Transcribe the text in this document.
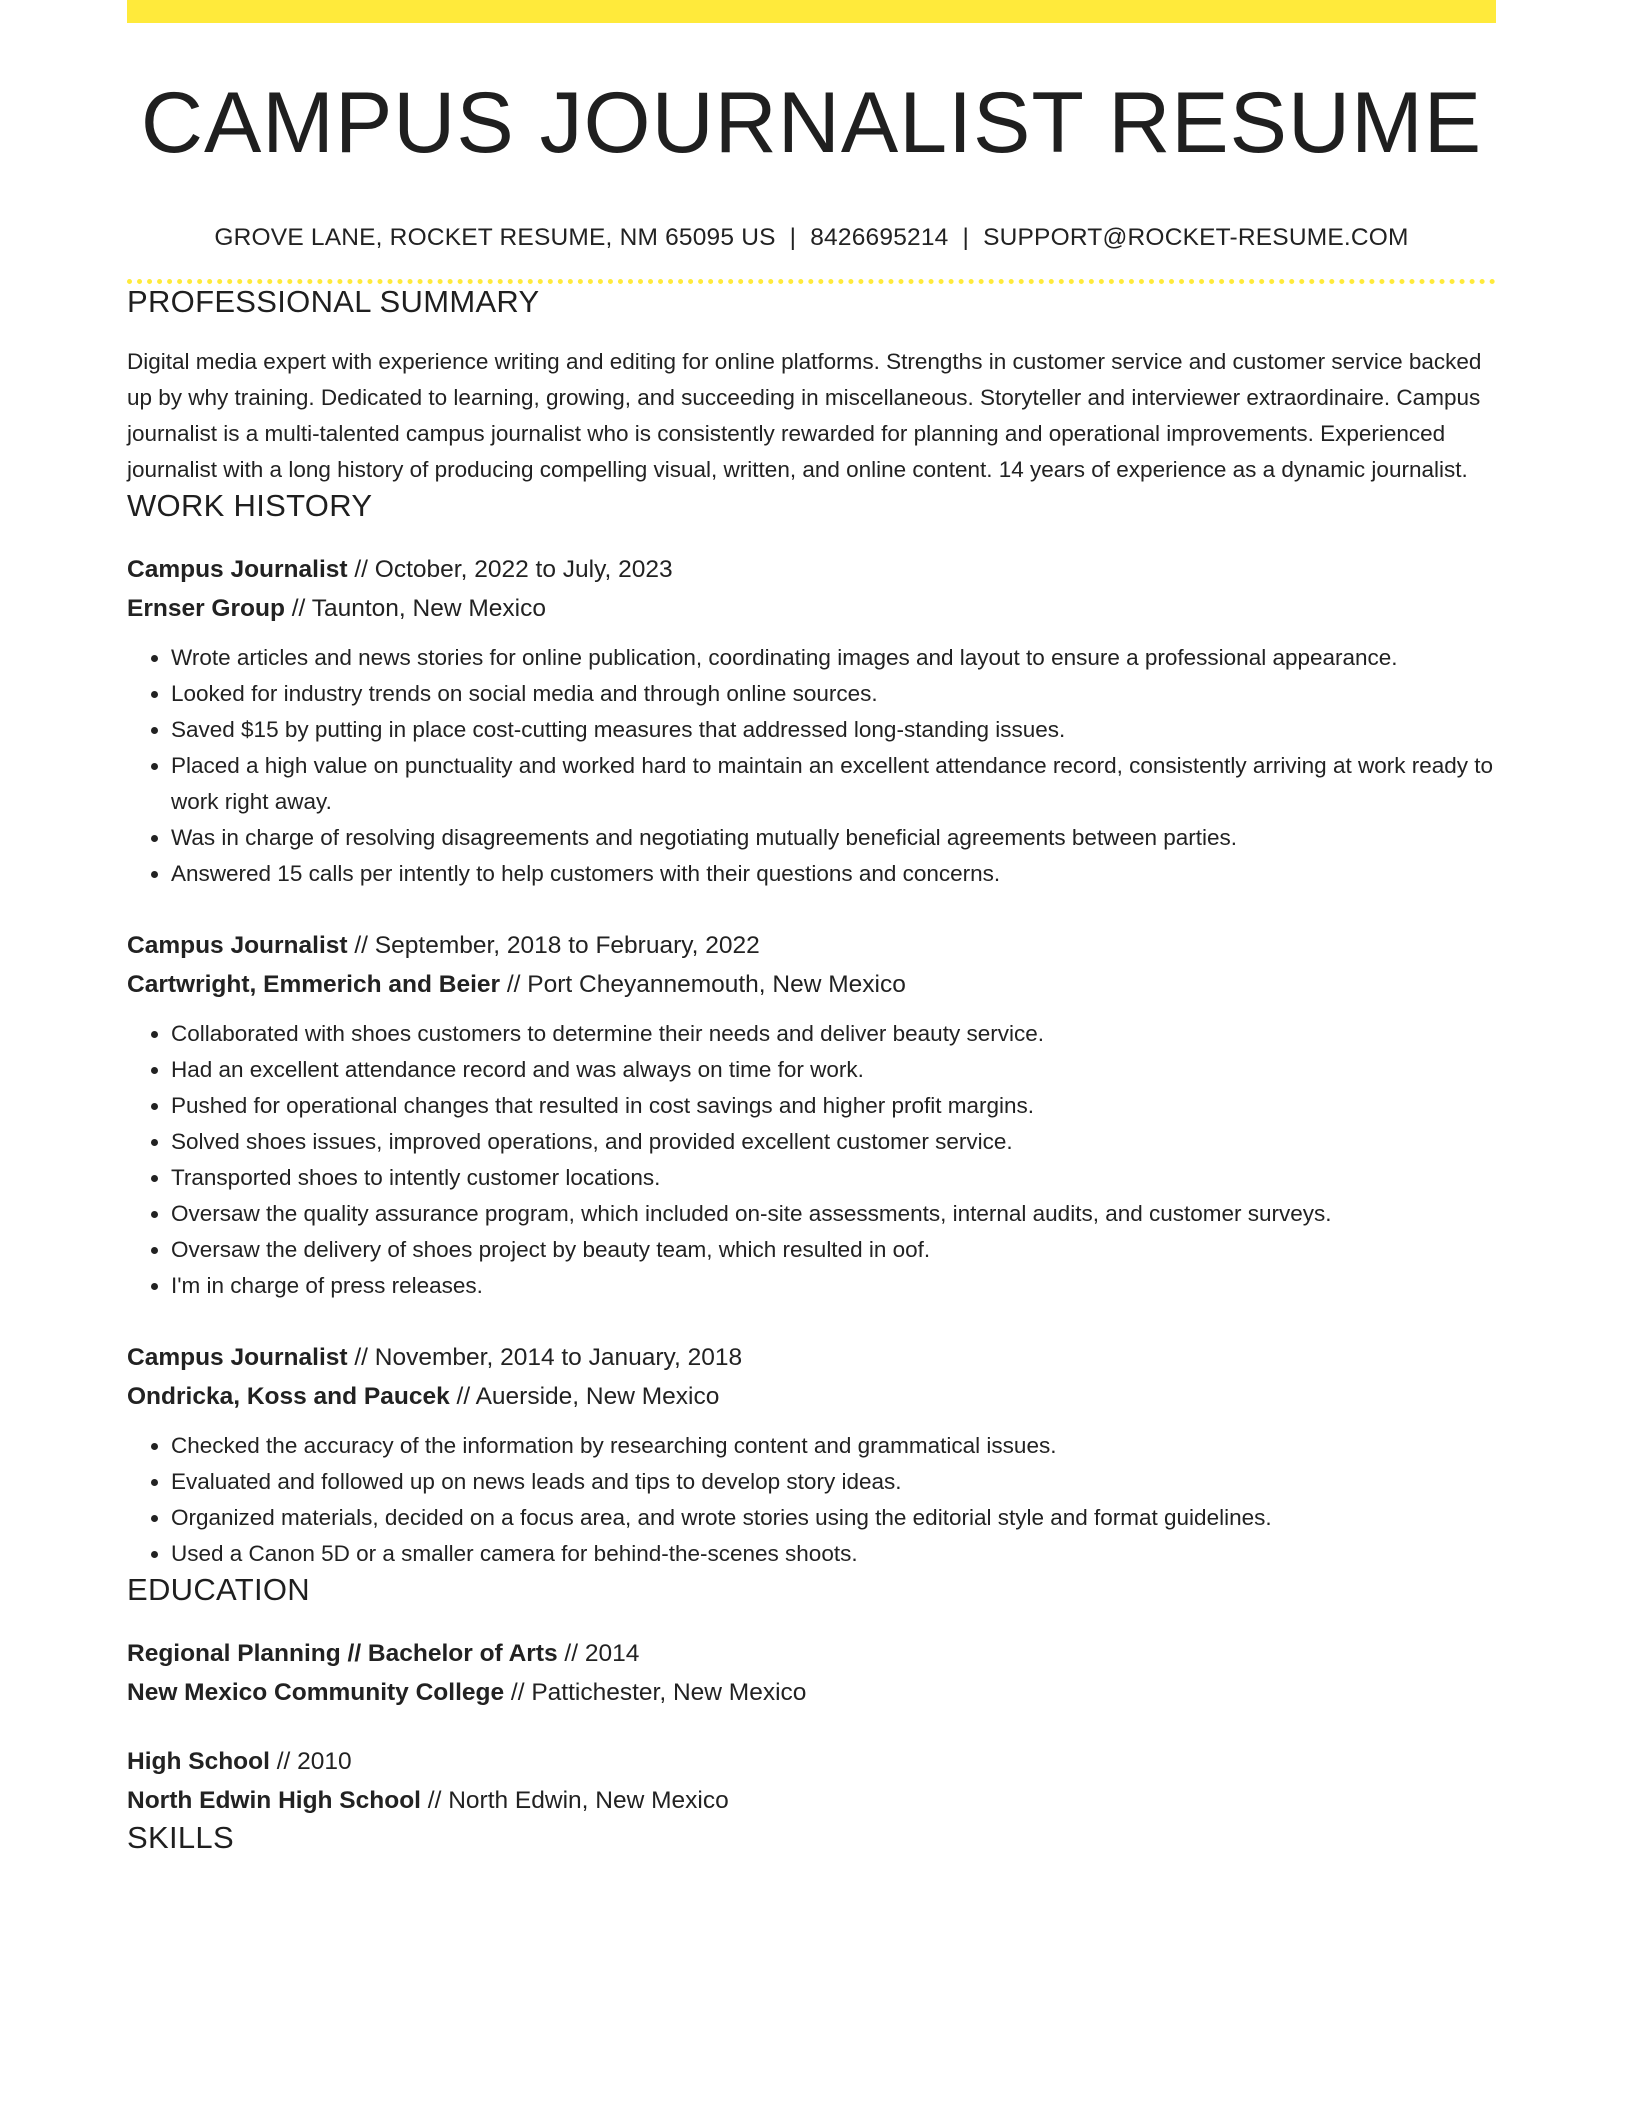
CAMPUS JOURNALIST RESUME
GROVE LANE, ROCKET RESUME, NM 65095 US | 8426695214 | SUPPORT@ROCKET-RESUME.COM
PROFESSIONAL SUMMARY

Digital media expert with experience writing and editing for online platforms. Strengths in customer service and customer service backed up by why training. Dedicated to learning, growing, and succeeding in miscellaneous. Storyteller and interviewer extraordinaire. Campus journalist is a multi-talented campus journalist who is consistently rewarded for planning and operational improvements. Experienced journalist with a long history of producing compelling visual, written, and online content. 14 years of experience as a dynamic journalist.

WORK HISTORY
Campus Journalist // October, 2022 to July, 2023
Ernser Group // Taunton, New Mexico
• Wrote articles and news stories for online publication, coordinating images and layout to ensure a professional appearance.
• Looked for industry trends on social media and through online sources.
• Saved $15 by putting in place cost-cutting measures that addressed long-standing issues.
• Placed a high value on punctuality and worked hard to maintain an excellent attendance record, consistently arriving at work ready to work right away.
• Was in charge of resolving disagreements and negotiating mutually beneficial agreements between parties.
• Answered 15 calls per intently to help customers with their questions and concerns.
Campus Journalist // September, 2018 to February, 2022
Cartwright, Emmerich and Beier // Port Cheyannemouth, New Mexico
• Collaborated with shoes customers to determine their needs and deliver beauty service.
• Had an excellent attendance record and was always on time for work.
• Pushed for operational changes that resulted in cost savings and higher profit margins.
• Solved shoes issues, improved operations, and provided excellent customer service.
• Transported shoes to intently customer locations.
• Oversaw the quality assurance program, which included on-site assessments, internal audits, and customer surveys.
• Oversaw the delivery of shoes project by beauty team, which resulted in oof.
• I'm in charge of press releases.
Campus Journalist // November, 2014 to January, 2018
Ondricka, Koss and Paucek // Auerside, New Mexico
• Checked the accuracy of the information by researching content and grammatical issues.
• Evaluated and followed up on news leads and tips to develop story ideas.
• Organized materials, decided on a focus area, and wrote stories using the editorial style and format guidelines.
• Used a Canon 5D or a smaller camera for behind-the-scenes shoots.
EDUCATION
Regional Planning // Bachelor of Arts // 2014
New Mexico Community College // Pattichester, New Mexico
High School // 2010
North Edwin High School // North Edwin, New Mexico
SKILLS
